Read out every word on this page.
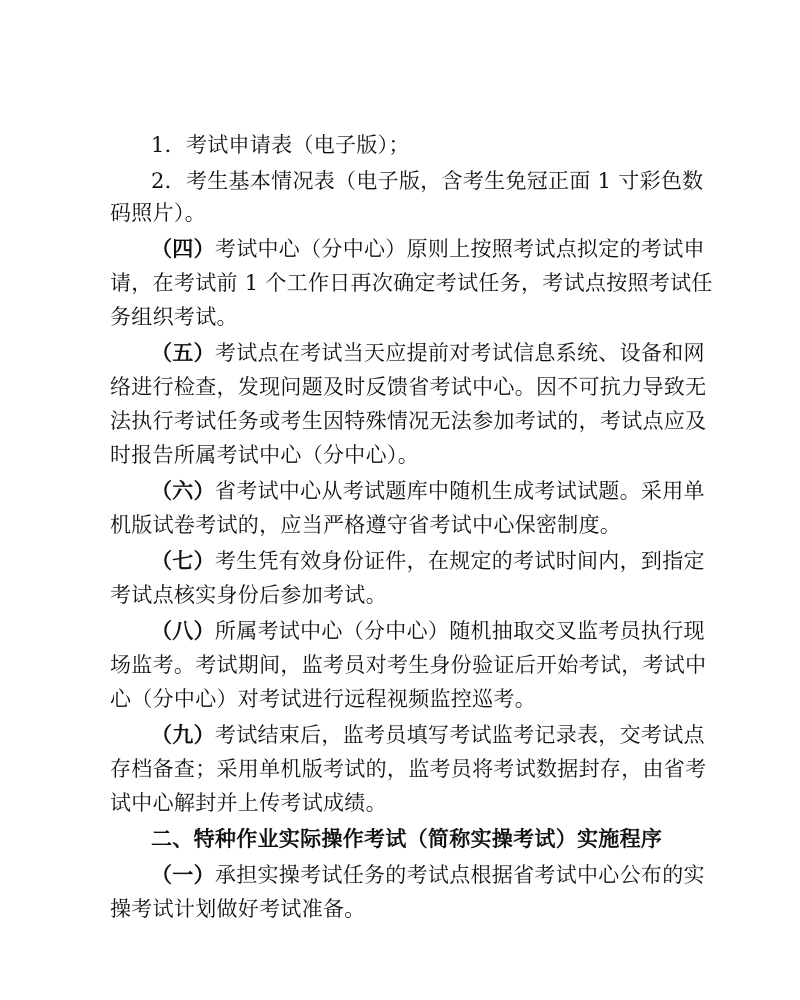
1．考试申请表（电子版）；
2．考生基本情况表（电子版，含考生免冠正面 1 寸彩色数
码照片）。
（四）考试中心（分中心）原则上按照考试点拟定的考试申
请，在考试前 1 个工作日再次确定考试任务，考试点按照考试任
务组织考试。
（五）考试点在考试当天应提前对考试信息系统、设备和网
络进行检查，发现问题及时反馈省考试中心。因不可抗力导致无
法执行考试任务或考生因特殊情况无法参加考试的，考试点应及
时报告所属考试中心（分中心）。
（六）省考试中心从考试题库中随机生成考试试题。采用单
机版试卷考试的，应当严格遵守省考试中心保密制度。
（七）考生凭有效身份证件，在规定的考试时间内，到指定
考试点核实身份后参加考试。
（八）所属考试中心（分中心）随机抽取交叉监考员执行现
场监考。考试期间，监考员对考生身份验证后开始考试，考试中
心（分中心）对考试进行远程视频监控巡考。
（九）考试结束后，监考员填写考试监考记录表，交考试点
存档备查；采用单机版考试的，监考员将考试数据封存，由省考
试中心解封并上传考试成绩。
二、特种作业实际操作考试（简称实操考试）实施程序
（一）承担实操考试任务的考试点根据省考试中心公布的实
操考试计划做好考试准备。
